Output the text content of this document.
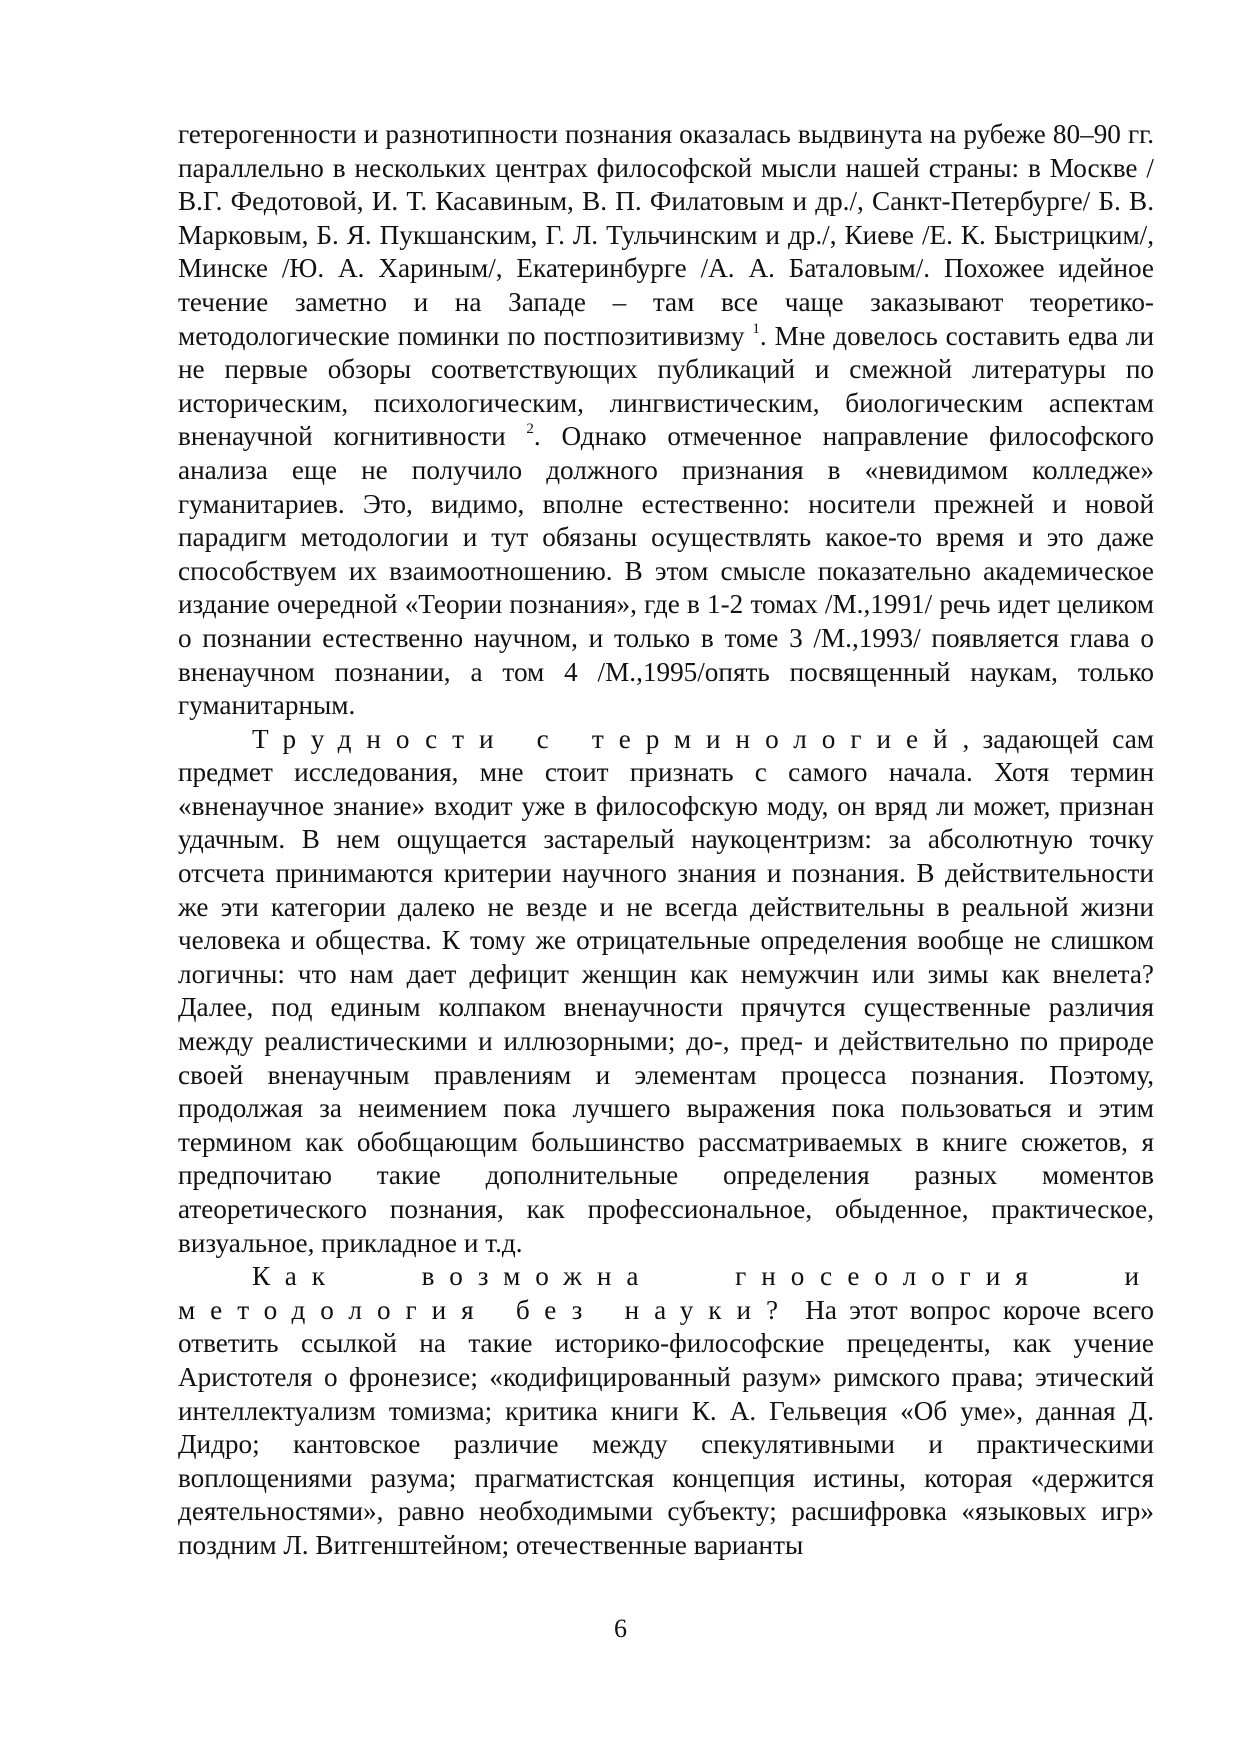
гетерогенности и разнотипности познания оказалась выдвинута на рубеже 80–90 гг. параллельно в нескольких центрах философской мысли нашей страны: в Москве / В.Г. Федотовой, И. Т. Касавиным, В. П. Филатовым и др./, Санкт-Петербурге/ Б. В. Марковым, Б. Я. Пукшанским, Г. Л. Тульчинским и др./, Киеве /Е. К. Быстрицким/, Минске /Ю. А. Хариным/, Екатеринбурге /А. А. Баталовым/. Похожее идейное течение заметно и на Западе – там все чаще заказывают теоретико-методологические поминки по постпозитивизму $^1$. Мне довелось составить едва ли не первые обзоры соответствующих публикаций и смежной литературы по историческим, психологическим, лингвистическим, биологическим аспектам вненаучной когнитивности $^2$. Однако отмеченное направление философского анализа еще не получило должного признания в «невидимом колледже» гуманитариев. Это, видимо, вполне естественно: носители прежней и новой парадигм методологии и тут обязаны осуществлять какое-то время и это даже способствуем их взаимоотношению. В этом смысле показательно академическое издание очередной «Теории познания», где в 1-2 томах /М.,1991/ речь идет целиком о познании естественно научном, и только в томе 3 /М.,1993/ появляется глава о вненаучном познании, а том 4 /М.,1995/опять посвященный наукам, только гуманитарным.

Трудности с терминологией, задающей сам предмет исследования, мне стоит признать с самого начала. Хотя термин «вненаучное знание» входит уже в философскую моду, он вряд ли может, признан удачным. В нем ощущается застарелый наукоцентризм: за абсолютную точку отсчета принимаются критерии научного знания и познания. В действительности же эти категории далеко не везде и не всегда действительны в реальной жизни человека и общества. К тому же отрицательные определения вообще не слишком логичны: что нам дает дефицит женщин как немужчин или зимы как внелета? Далее, под единым колпаком вненаучности прячутся существенные различия между реалистическими и иллюзорными; до-, пред- и действительно по природе своей вненаучным правлениям и элементам процесса познания. Поэтому, продолжая за неимением пока лучшего выражения пока пользоваться и этим термином как обобщающим большинство рассматриваемых в книге сюжетов, я предпочитаю такие дополнительные определения разных моментов атеоретического познания, как профессиональное, обыденное, практическое, визуальное, прикладное и т.д.

Как возможна гносеология и методология без науки? На этот вопрос короче всего ответить ссылкой на такие историко-философские прецеденты, как учение Аристотеля о фронезисе; «кодифицированный разум» римского права; этический интеллектуализм томизма; критика книги К. А. Гельвеция «Об уме», данная Д. Дидро; кантовское различие между спекулятивными и практическими воплощениями разума; прагматистская концепция истины, которая «держится деятельностями», равно необходимыми субъекту; расшифровка «языковых игр» поздним Л. Витгенштейном; отечественные варианты

6
